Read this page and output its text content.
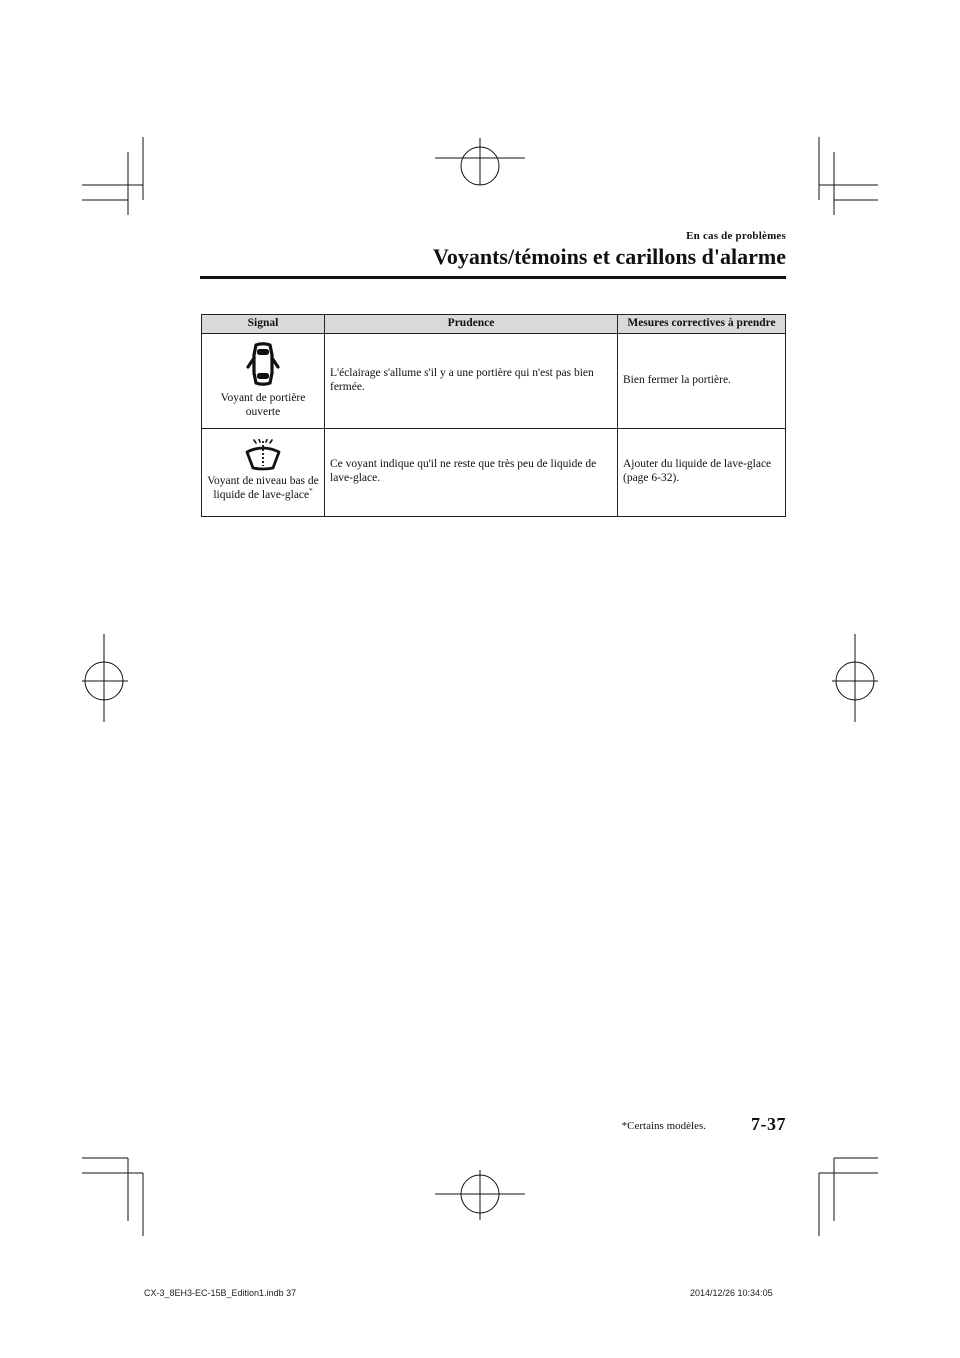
En cas de problèmes
Voyants/témoins et carillons d'alarme
Signal	Prudence	Mesures correctives à prendre

Voyant de portière ouverte	L'éclairage s'allume s'il y a une portière qui n'est pas bien fermée.	Bien fermer la portière.

Voyant de niveau bas de liquide de lave-glace*	Ce voyant indique qu'il ne reste que très peu de liquide de lave-glace.	Ajouter du liquide de lave-glace (page 6-32).
*Certains modèles.	7-37
CX-3_8EH3-EC-15B_Edition1.indb 37	2014/12/26 10:34:05
